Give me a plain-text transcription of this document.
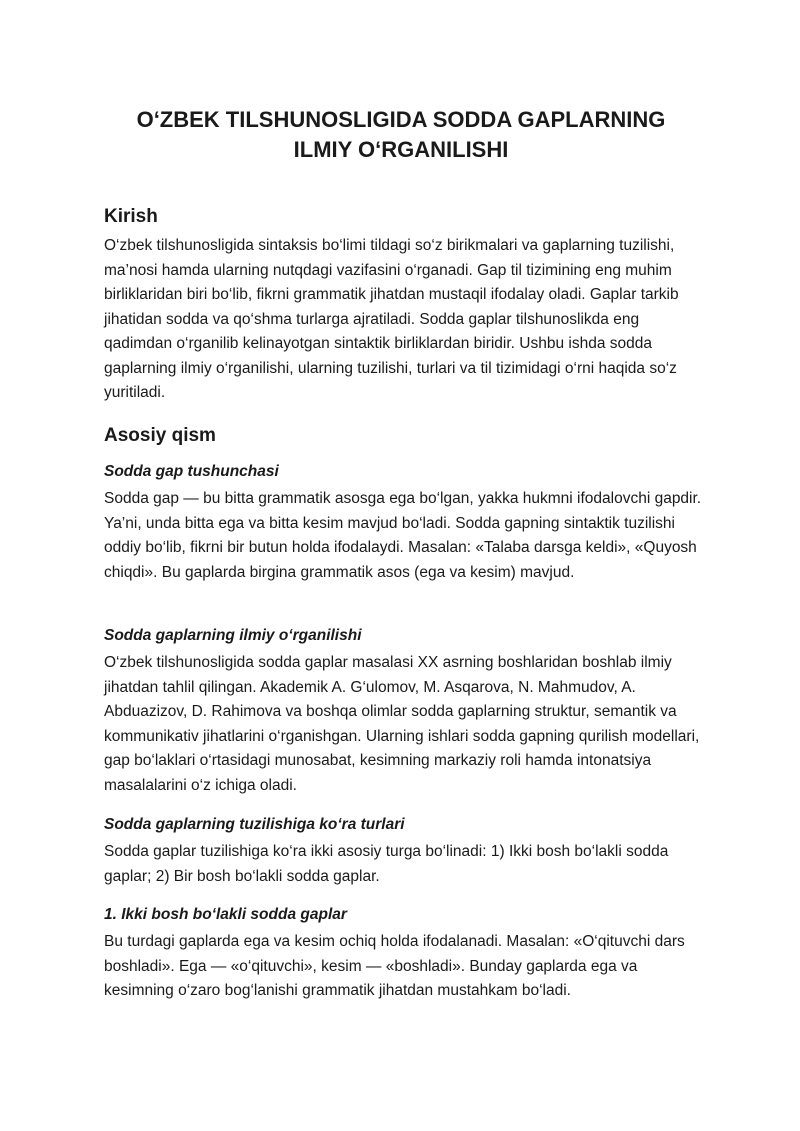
O‘ZBEK TILSHUNOSLIGIDA SODDA GAPLARNING
ILMIY O‘RGANILISHI
Kirish

O‘zbek tilshunosligida sintaksis bo‘limi tildagi so‘z birikmalari va gaplarning tuzilishi, ma’nosi hamda ularning nutqdagi vazifasini o‘rganadi. Gap til tizimining eng muhim birliklaridan biri bo‘lib, fikrni grammatik jihatdan mustaqil ifodalay oladi. Gaplar tarkib jihatidan sodda va qo‘shma turlarga ajratiladi. Sodda gaplar tilshunoslikda eng qadimdan o‘rganilib kelinayotgan sintaktik birliklardan biridir. Ushbu ishda sodda gaplarning ilmiy o‘rganilishi, ularning tuzilishi, turlari va til tizimidagi o‘rni haqida so‘z yuritiladi.

Asosiy qism
Sodda gap tushunchasi

Sodda gap — bu bitta grammatik asosga ega bo‘lgan, yakka hukmni ifodalovchi gapdir. Ya’ni, unda bitta ega va bitta kesim mavjud bo‘ladi. Sodda gapning sintaktik tuzilishi oddiy bo‘lib, fikrni bir butun holda ifodalaydi. Masalan: «Talaba darsga keldi», «Quyosh chiqdi». Bu gaplarda birgina grammatik asos (ega va kesim) mavjud.

Sodda gaplarning ilmiy o‘rganilishi

O‘zbek tilshunosligida sodda gaplar masalasi XX asrning boshlaridan boshlab ilmiy jihatdan tahlil qilingan. Akademik A. G‘ulomov, M. Asqarova, N. Mahmudov, A. Abduazizov, D. Rahimova va boshqa olimlar sodda gaplarning struktur, semantik va kommunikativ jihatlarini o‘rganishgan. Ularning ishlari sodda gapning qurilish modellari, gap bo‘laklari o‘rtasidagi munosabat, kesimning markaziy roli hamda intonatsiya masalalarini o‘z ichiga oladi.

Sodda gaplarning tuzilishiga ko‘ra turlari

Sodda gaplar tuzilishiga ko‘ra ikki asosiy turga bo‘linadi: 1) Ikki bosh bo‘lakli sodda gaplar; 2) Bir bosh bo‘lakli sodda gaplar.

1. Ikki bosh bo‘lakli sodda gaplar

Bu turdagi gaplarda ega va kesim ochiq holda ifodalanadi. Masalan: «O‘qituvchi dars boshladi». Ega — «o‘qituvchi», kesim — «boshladi». Bunday gaplarda ega va kesimning o‘zaro bog‘lanishi grammatik jihatdan mustahkam bo‘ladi.
